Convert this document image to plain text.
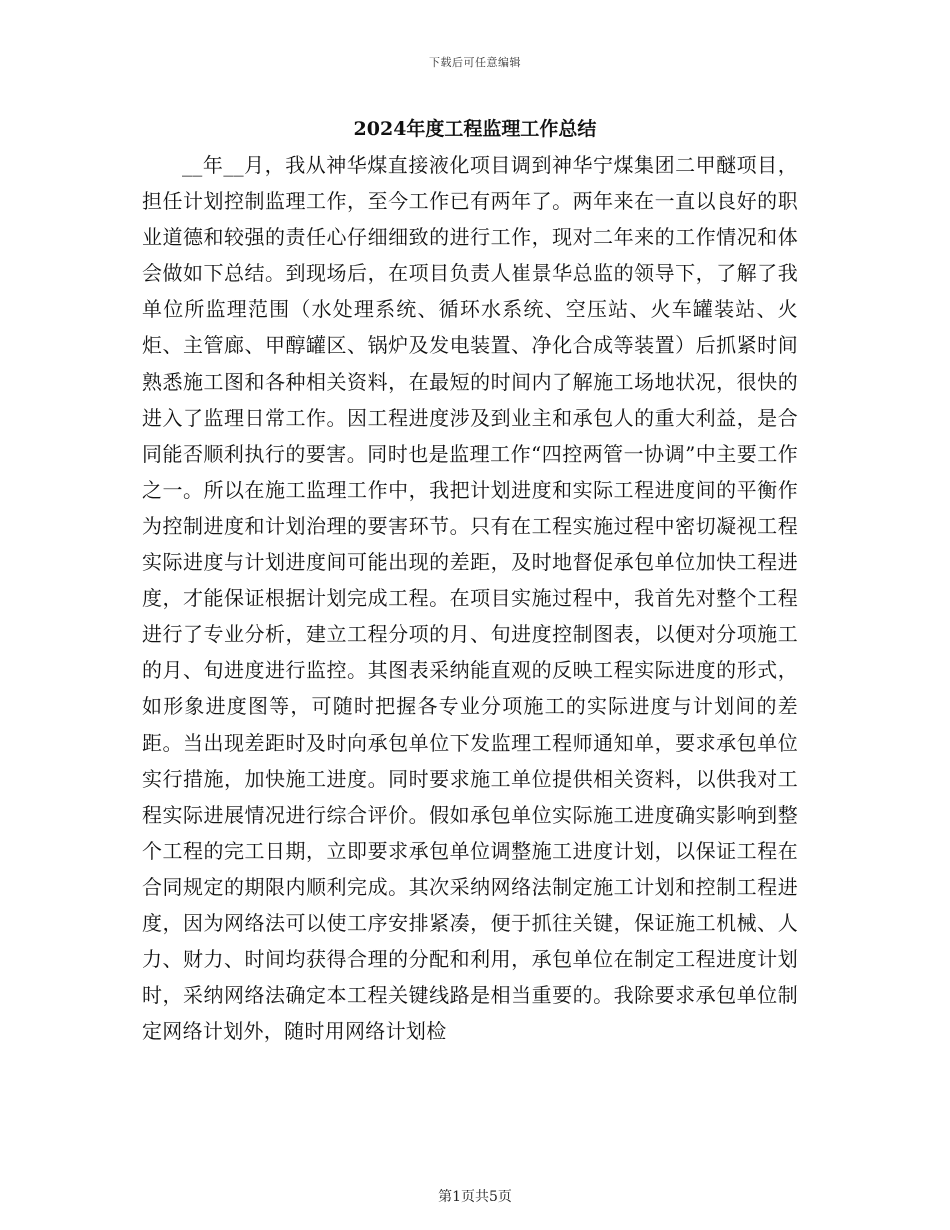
下载后可任意编辑
2024年度工程监理工作总结

__年__月，我从神华煤直接液化项目调到神华宁煤集团二甲醚项目，担任计划控制监理工作，至今工作已有两年了。两年来在一直以良好的职业道德和较强的责任心仔细细致的进行工作，现对二年来的工作情况和体会做如下总结。到现场后，在项目负责人崔景华总监的领导下，了解了我单位所监理范围（水处理系统、循环水系统、空压站、火车罐装站、火炬、主管廊、甲醇罐区、锅炉及发电装置、净化合成等装置）后抓紧时间熟悉施工图和各种相关资料，在最短的时间内了解施工场地状况，很快的进入了监理日常工作。因工程进度涉及到业主和承包人的重大利益，是合同能否顺利执行的要害。同时也是监理工作“四控两管一协调”中主要工作之一。所以在施工监理工作中，我把计划进度和实际工程进度间的平衡作为控制进度和计划治理的要害环节。只有在工程实施过程中密切凝视工程实际进度与计划进度间可能出现的差距，及时地督促承包单位加快工程进度，才能保证根据计划完成工程。在项目实施过程中，我首先对整个工程进行了专业分析，建立工程分项的月、旬进度控制图表，以便对分项施工的月、旬进度进行监控。其图表采纳能直观的反映工程实际进度的形式，如形象进度图等，可随时把握各专业分项施工的实际进度与计划间的差距。当出现差距时及时向承包单位下发监理工程师通知单，要求承包单位实行措施，加快施工进度。同时要求施工单位提供相关资料，以供我对工程实际进展情况进行综合评价。假如承包单位实际施工进度确实影响到整个工程的完工日期，立即要求承包单位调整施工进度计划，以保证工程在合同规定的期限内顺利完成。其次采纳网络法制定施工计划和控制工程进度，因为网络法可以使工序安排紧凑，便于抓往关键，保证施工机械、人力、财力、时间均获得合理的分配和利用，承包单位在制定工程进度计划时，采纳网络法确定本工程关键线路是相当重要的。我除要求承包单位制定网络计划外，随时用网络计划检

第1页共5页
